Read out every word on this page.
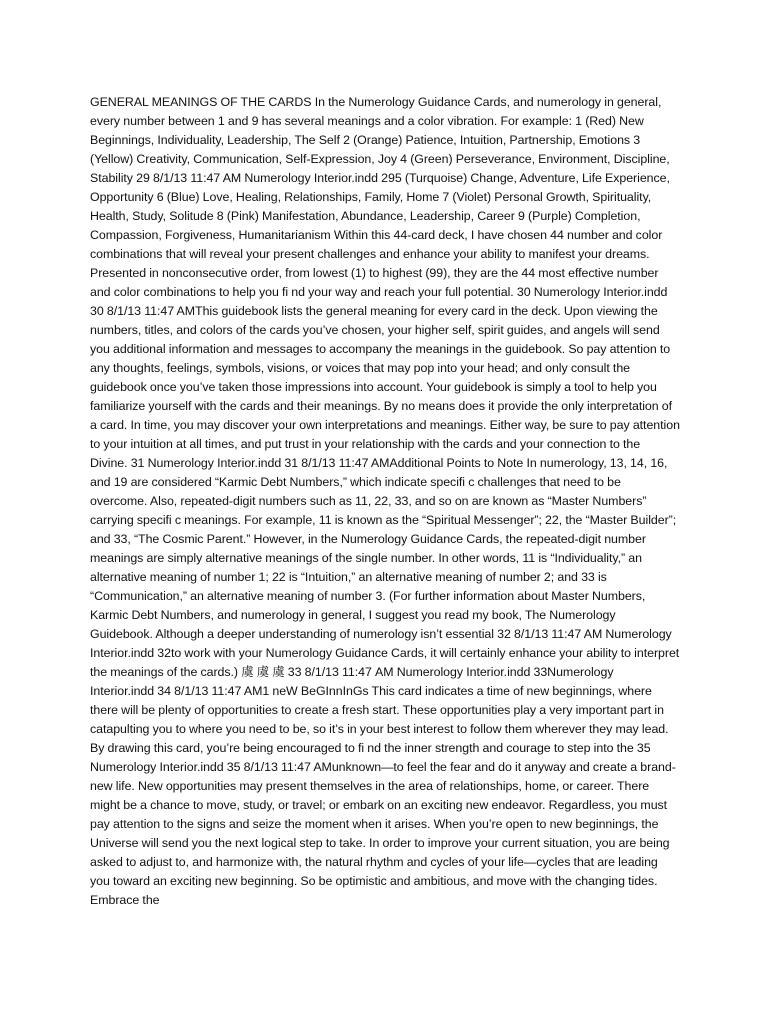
GENERAL MEANINGS OF THE CARDS In the Numerology Guidance Cards, and numerology in general, every number between 1 and 9 has several meanings and a color vibration. For example: 1 (Red) New Beginnings, Individuality, Leadership, The Self 2 (Orange) Patience, Intuition, Partnership, Emotions 3 (Yellow) Creativity, Communication, Self-Expression, Joy 4 (Green) Perseverance, Environment, Discipline, Stability 29 8/1/13 11:47 AM Numerology Interior.indd 295 (Turquoise) Change, Adventure, Life Experience, Opportunity 6 (Blue) Love, Healing, Relationships, Family, Home 7 (Violet) Personal Growth, Spirituality, Health, Study, Solitude 8 (Pink) Manifestation, Abundance, Leadership, Career 9 (Purple) Completion, Compassion, Forgiveness, Humanitarianism Within this 44-card deck, I have chosen 44 number and color combinations that will reveal your present challenges and enhance your ability to manifest your dreams. Presented in nonconsecutive order, from lowest (1) to highest (99), they are the 44 most effective number and color combinations to help you fi nd your way and reach your full potential. 30 Numerology Interior.indd 30 8/1/13 11:47 AMThis guidebook lists the general meaning for every card in the deck. Upon viewing the numbers, titles, and colors of the cards you’ve chosen, your higher self, spirit guides, and angels will send you additional information and messages to accompany the meanings in the guidebook. So pay attention to any thoughts, feelings, symbols, visions, or voices that may pop into your head; and only consult the guidebook once you’ve taken those impressions into account. Your guidebook is simply a tool to help you familiarize yourself with the cards and their meanings. By no means does it provide the only interpretation of a card. In time, you may discover your own interpretations and meanings. Either way, be sure to pay attention to your intuition at all times, and put trust in your relationship with the cards and your connection to the Divine. 31 Numerology Interior.indd 31 8/1/13 11:47 AMAdditional Points to Note In numerology, 13, 14, 16, and 19 are considered “Karmic Debt Numbers,” which indicate specifi c challenges that need to be overcome. Also, repeated-digit numbers such as 11, 22, 33, and so on are known as “Master Numbers” carrying specifi c meanings. For example, 11 is known as the “Spiritual Messenger”; 22, the “Master Builder”; and 33, “The Cosmic Parent.” However, in the Numerology Guidance Cards, the repeated-digit number meanings are simply alternative meanings of the single number. In other words, 11 is “Individuality,” an alternative meaning of number 1; 22 is “Intuition,” an alternative meaning of number 2; and 33 is “Communication,” an alternative meaning of number 3. (For further information about Master Numbers, Karmic Debt Numbers, and numerology in general, I suggest you read my book, The Numerology Guidebook. Although a deeper understanding of numerology isn’t essential 32 8/1/13 11:47 AM Numerology Interior.indd 32to work with your Numerology Guidance Cards, it will certainly enhance your ability to interpret the meanings of the cards.) 虞 虞 虞 33 8/1/13 11:47 AM Numerology Interior.indd 33Numerology Interior.indd 34 8/1/13 11:47 AM1 neW BeGInnInGs This card indicates a time of new beginnings, where there will be plenty of opportunities to create a fresh start. These opportunities play a very important part in catapulting you to where you need to be, so it’s in your best interest to follow them wherever they may lead. By drawing this card, you’re being encouraged to fi nd the inner strength and courage to step into the 35 Numerology Interior.indd 35 8/1/13 11:47 AMunknown—to feel the fear and do it anyway and create a brand-new life. New opportunities may present themselves in the area of relationships, home, or career. There might be a chance to move, study, or travel; or embark on an exciting new endeavor. Regardless, you must pay attention to the signs and seize the moment when it arises. When you’re open to new beginnings, the Universe will send you the next logical step to take. In order to improve your current situation, you are being asked to adjust to, and harmonize with, the natural rhythm and cycles of your life—cycles that are leading you toward an exciting new beginning. So be optimistic and ambitious, and move with the changing tides. Embrace the
